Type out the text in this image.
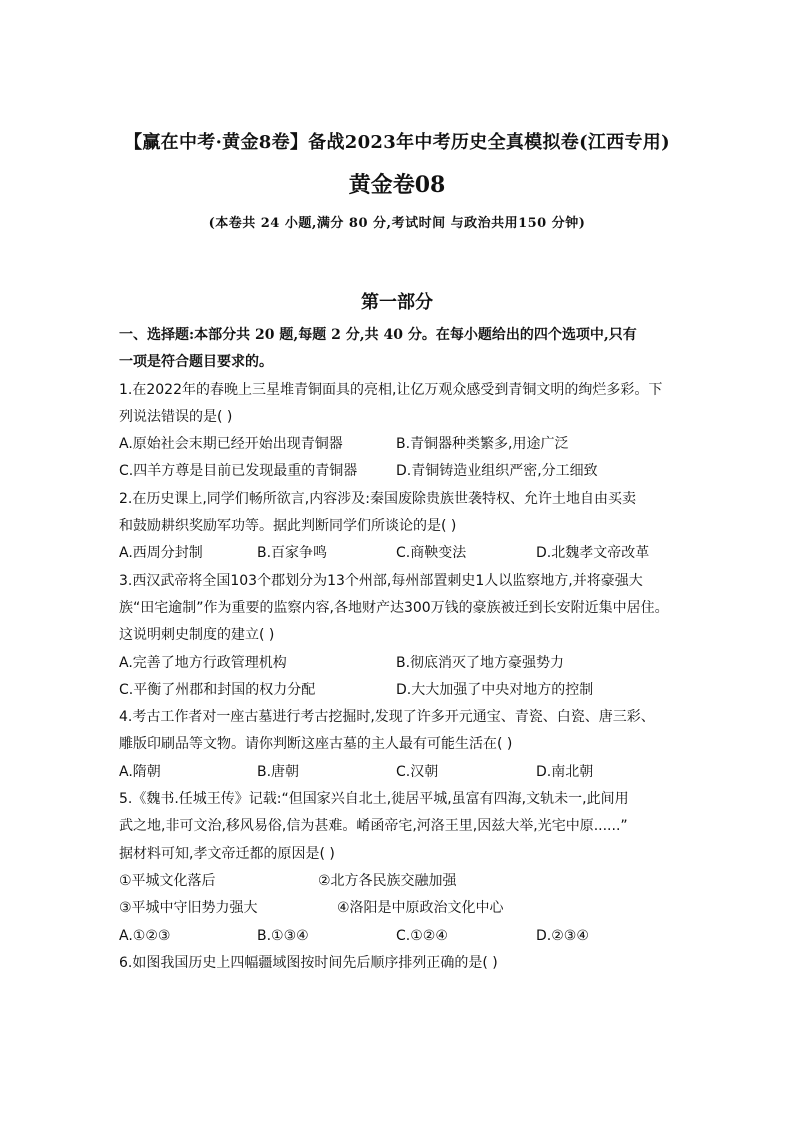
【赢在中考·黄金8卷】备战2023年中考历史全真模拟卷(江西专用)
黄金卷08
(本卷共 24 小题,满分 80 分,考试时间 与政治共用150 分钟)
第一部分
一、选择题:本部分共 20 题,每题 2 分,共 40 分。在每小题给出的四个选项中,只有
一项是符合题目要求的。
1.在2022年的春晚上三星堆青铜面具的亮相,让亿万观众感受到青铜文明的绚烂多彩。下
列说法错误的是( )
A.原始社会末期已经开始出现青铜器	B.青铜器种类繁多,用途广泛
C.四羊方尊是目前已发现最重的青铜器	D.青铜铸造业组织严密,分工细致
2.在历史课上,同学们畅所欲言,内容涉及:秦国废除贵族世袭特权、允许土地自由买卖
和鼓励耕织奖励军功等。据此判断同学们所谈论的是( )
A.西周分封制	B.百家争鸣	C.商鞅变法	D.北魏孝文帝改革
3.西汉武帝将全国103个郡划分为13个州部,每州部置刺史1人以监察地方,并将豪强大
族“田宅逾制”作为重要的监察内容,各地财产达300万钱的豪族被迁到长安附近集中居住。
这说明刺史制度的建立( )
A.完善了地方行政管理机构	B.彻底消灭了地方豪强势力
C.平衡了州郡和封国的权力分配	D.大大加强了中央对地方的控制
4.考古工作者对一座古墓进行考古挖掘时,发现了许多开元通宝、青瓷、白瓷、唐三彩、
雕版印刷品等文物。请你判断这座古墓的主人最有可能生活在( )
A.隋朝	B.唐朝	C.汉朝	D.南北朝
5.《魏书.任城王传》记载:“但国家兴自北土,徙居平城,虽富有四海,文轨未一,此间用
武之地,非可文治,移风易俗,信为甚难。崤函帝宅,河洛王里,因兹大举,光宅中原......”
据材料可知,孝文帝迁都的原因是( )
①平城文化落后	②北方各民族交融加强
③平城中守旧势力强大	④洛阳是中原政治文化中心
A.①②③	B.①③④	C.①②④	D.②③④
6.如图我国历史上四幅疆域图按时间先后顺序排列正确的是( )
